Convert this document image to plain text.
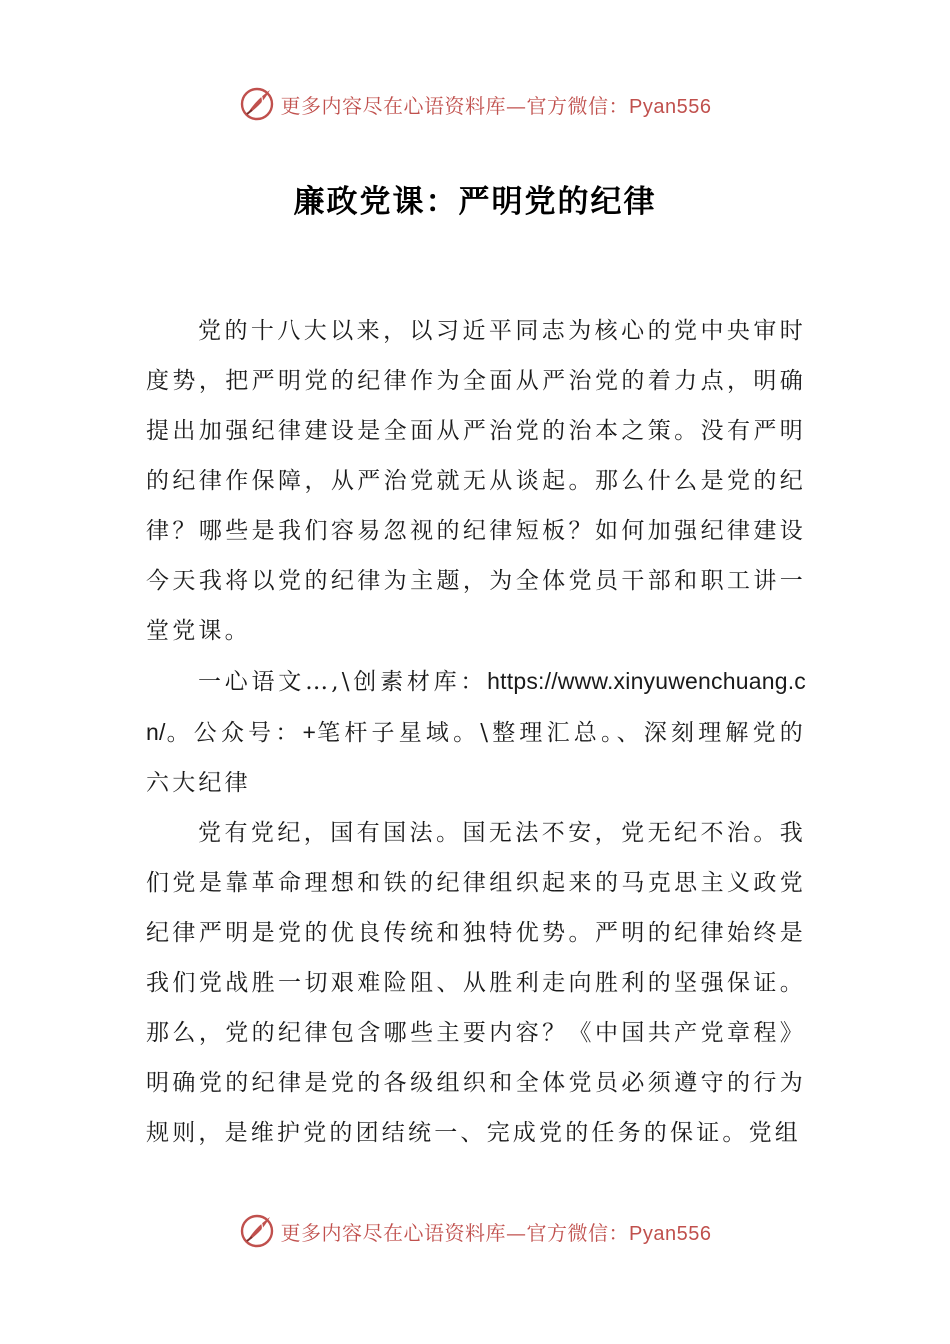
更多内容尽在心语资料库—官方微信：Pyan556
廉政党课：严明党的纪律

党的十八大以来，以习近平同志为核心的党中央审时度势，把严明党的纪律作为全面从严治党的着力点，明确提出加强纪律建设是全面从严治党的治本之策。没有严明的纪律作保障，从严治党就无从谈起。那么什么是党的纪律？哪些是我们容易忽视的纪律短板？如何加强纪律建设今天我将以党的纪律为主题，为全体党员干部和职工讲一堂党课。

一心语文…,\创素材库：https://www.xinyuwenchuang.cn/。公众号：+笔杆子星域。\整理汇总。、深刻理解党的六大纪律

党有党纪，国有国法。国无法不安，党无纪不治。我们党是靠革命理想和铁的纪律组织起来的马克思主义政党纪律严明是党的优良传统和独特优势。严明的纪律始终是我们党战胜一切艰难险阻、从胜利走向胜利的坚强保证。那么，党的纪律包含哪些主要内容？《中国共产党章程》明确党的纪律是党的各级组织和全体党员必须遵守的行为规则，是维护党的团结统一、完成党的任务的保证。党组

更多内容尽在心语资料库—官方微信：Pyan556
